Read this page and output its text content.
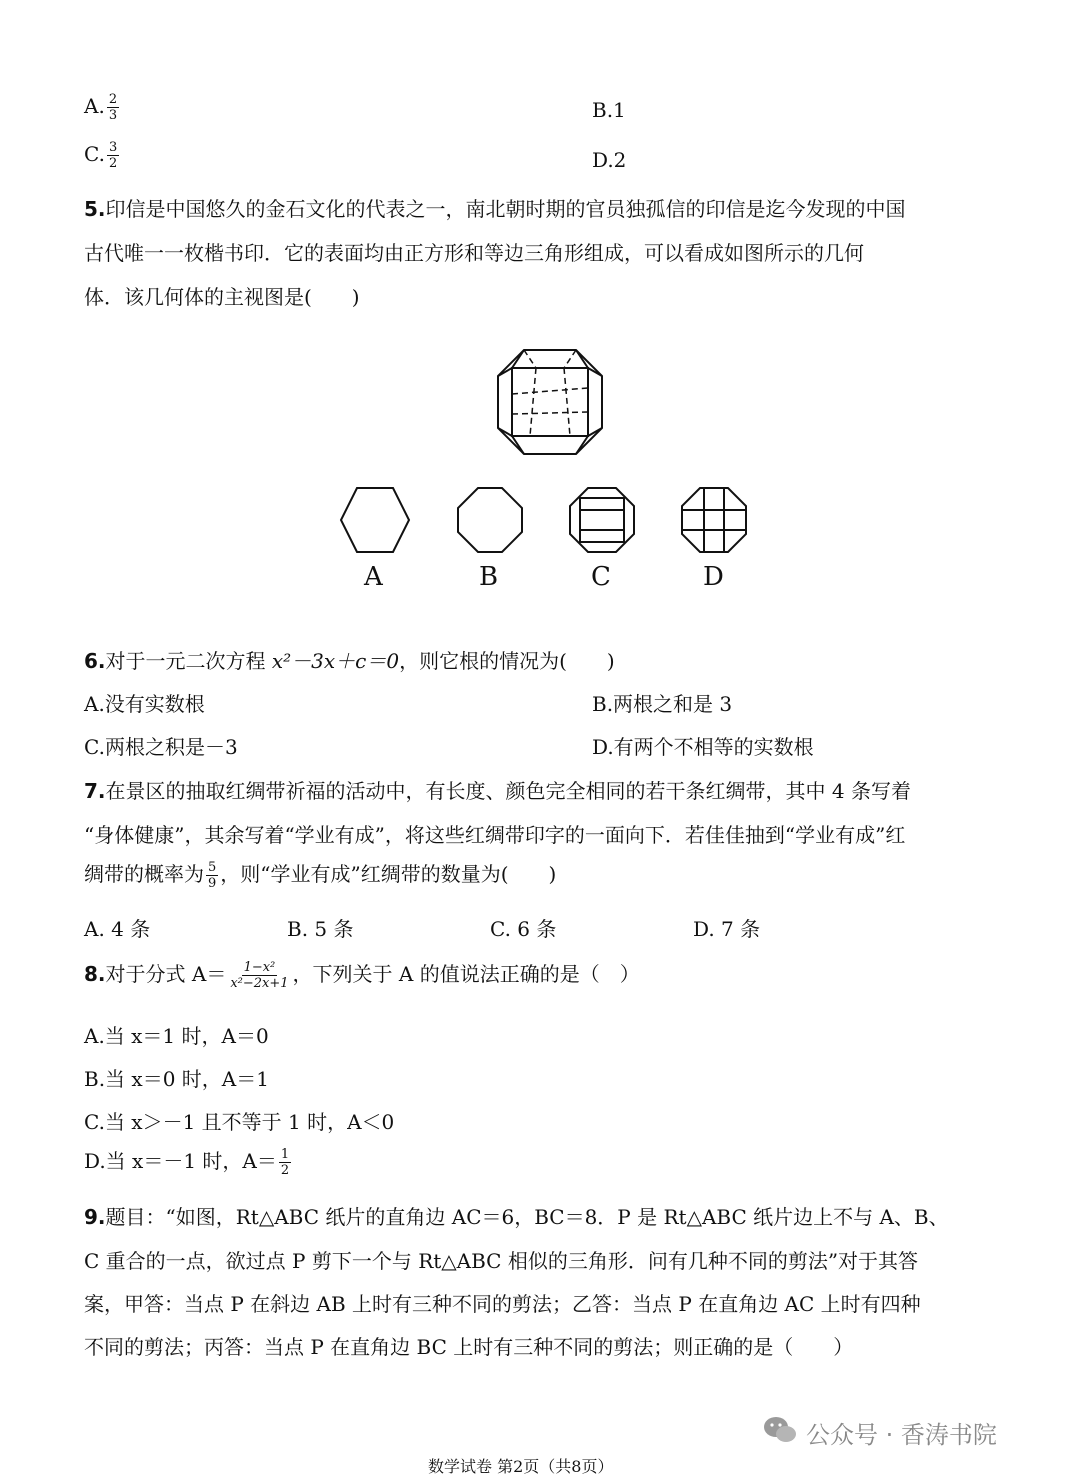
A. $\frac{2}{3}$	B.1
C. $\frac{3}{2}$	D.2
5.印信是中国悠久的金石文化的代表之一，南北朝时期的官员独孤信的印信是迄今发现的中国
古代唯一一枚楷书印．它的表面均由正方形和等边三角形组成，可以看成如图所示的几何
体．该几何体的主视图是(　　)
A	B	C	D
6.对于一元二次方程 x²－3x＋c＝0，则它根的情况为(　　)
A.没有实数根	B.两根之和是 3
C.两根之积是－3	D.有两个不相等的实数根
7.在景区的抽取红绸带祈福的活动中，有长度、颜色完全相同的若干条红绸带，其中 4 条写着
“身体健康”，其余写着“学业有成”，将这些红绸带印字的一面向下．若佳佳抽到“学业有成”红
绸带的概率为 $\frac{5}{9}$ ，则“学业有成”红绸带的数量为(　　)
A. 4 条	B. 5 条	C. 6 条	D. 7 条
8.对于分式 $A= \frac{\text{1−x²}}{\text{x²−2x+1}}$ ，下列关于 A 的值说法正确的是（　）
A.当 x＝1 时，A＝0
B.当 x＝0 时，A＝1
C.当 x＞－1 且不等于 1 时，A＜0
D.当 x＝－1 时，$A= \frac{1}{2}$
9.题目：“如图，Rt△ABC 纸片的直角边 AC＝6，BC＝8．P 是 Rt△ABC 纸片边上不与 A、B、
C 重合的一点，欲过点 P 剪下一个与 Rt△ABC 相似的三角形．问有几种不同的剪法”对于其答
案，甲答：当点 P 在斜边 AB 上时有三种不同的剪法；乙答：当点 P 在直角边 AC 上时有四种
不同的剪法；丙答：当点 P 在直角边 BC 上时有三种不同的剪法；则正确的是（　　）
公众号 · 香涛书院
数学试卷 第2页（共8页）
